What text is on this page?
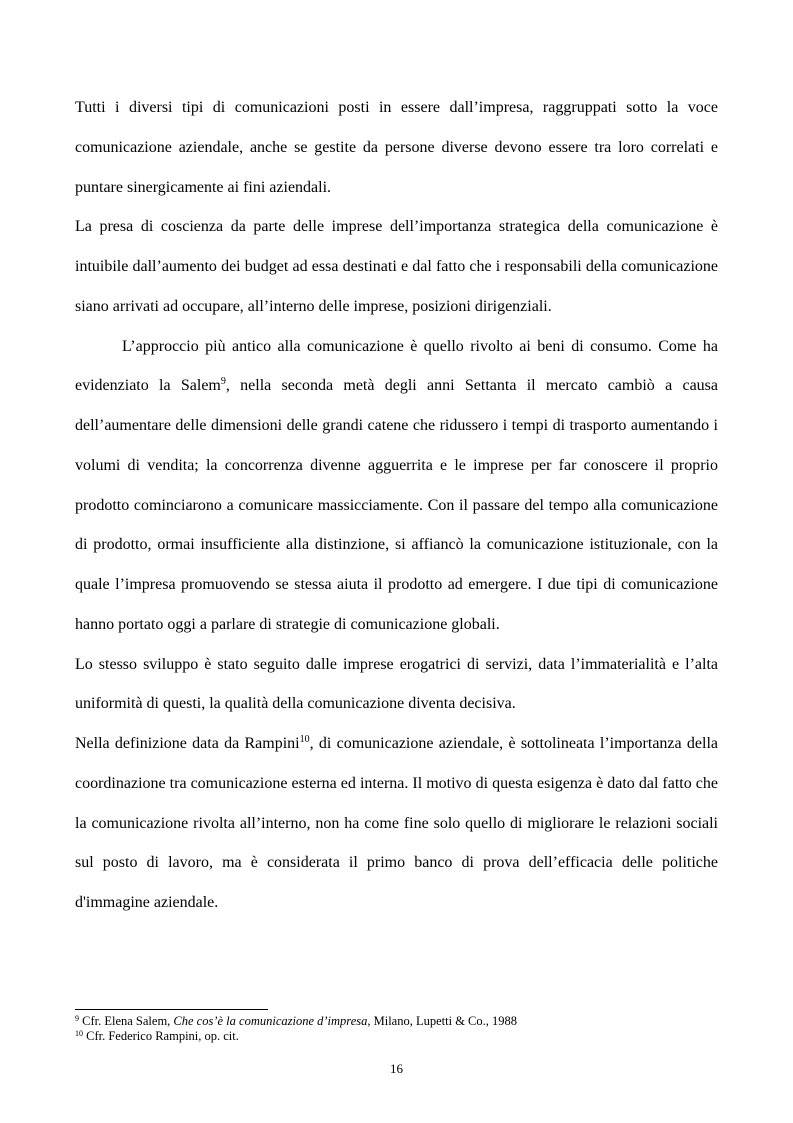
Tutti i diversi tipi di comunicazioni posti in essere dall’impresa, raggruppati sotto la voce comunicazione aziendale, anche se gestite da persone diverse devono essere tra loro correlati e puntare sinergicamente ai fini aziendali.

La presa di coscienza da parte delle imprese dell’importanza strategica della comunicazione è intuibile dall’aumento dei budget ad essa destinati e dal fatto che i responsabili della comunicazione siano arrivati ad occupare, all’interno delle imprese, posizioni dirigenziali.

L’approccio più antico alla comunicazione è quello rivolto ai beni di consumo. Come ha evidenziato la Salem$^9$, nella seconda metà degli anni Settanta il mercato cambiò a causa dell’aumentare delle dimensioni delle grandi catene che ridussero i tempi di trasporto aumentando i volumi di vendita; la concorrenza divenne agguerrita e le imprese per far conoscere il proprio prodotto cominciarono a comunicare massicciamente. Con il passare del tempo alla comunicazione di prodotto, ormai insufficiente alla distinzione, si affiancò la comunicazione istituzionale, con la quale l’impresa promuovendo se stessa aiuta il prodotto ad emergere. I due tipi di comunicazione hanno portato oggi a parlare di strategie di comunicazione globali.

Lo stesso sviluppo è stato seguito dalle imprese erogatrici di servizi, data l’immaterialità e l’alta uniformità di questi, la qualità della comunicazione diventa decisiva.

Nella definizione data da Rampini$^{10}$, di comunicazione aziendale, è sottolineata l’importanza della coordinazione tra comunicazione esterna ed interna. Il motivo di questa esigenza è dato dal fatto che la comunicazione rivolta all’interno, non ha come fine solo quello di migliorare le relazioni sociali sul posto di lavoro, ma è considerata il primo banco di prova dell’efficacia delle politiche d'immagine aziendale.

$^9$ Cfr. Elena Salem, Che cos’è la comunicazione d’impresa, Milano, Lupetti & Co., 1988

$^{10}$ Cfr. Federico Rampini, op. cit.

16
